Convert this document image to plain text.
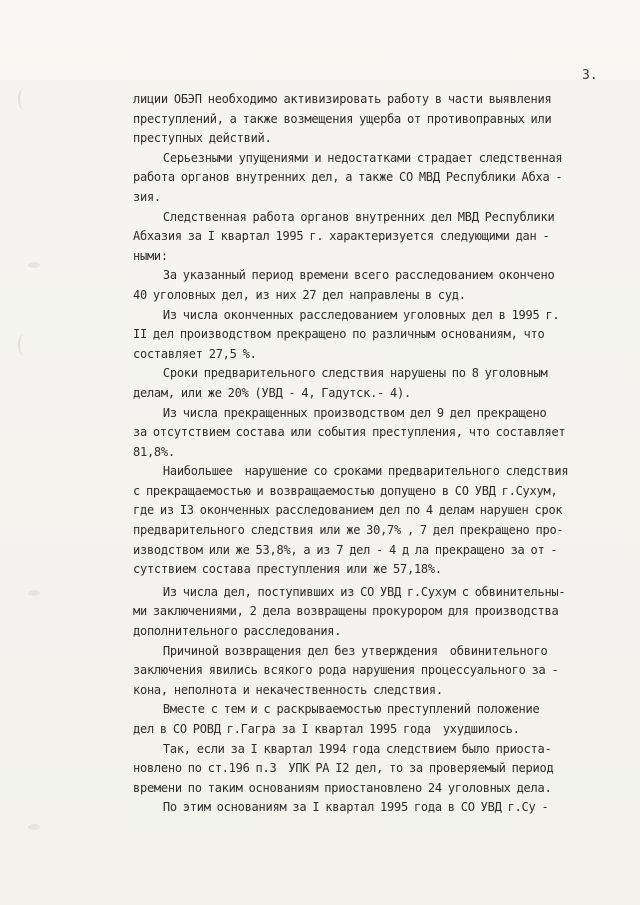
3.
лиции ОБЭП необходимо активизировать работу в части выявления
преступлений, а также возмещения ущерба от противоправных или
преступных действий.
Серьезными упущениями и недостатками страдает следственная
работа органов внутренних дел, а также СО МВД Республики Абха -
зия.
Следственная работа органов внутренних дел МВД Республики
Абхазия за I квартал 1995 г. характеризуется следующими дан -
ными:
За указанный период времени всего расследованием окончено
40 уголовных дел, из них 27 дел направлены в суд.
Из числа оконченных расследованием уголовных дел в 1995 г.
II дел производством прекращено по различным основаниям, что
составляет 27,5 %.
Сроки предварительного следствия нарушены по 8 уголовным
делам, или же 20% (УВД - 4, Гадутск.- 4).
Из числа прекращенных производством дел 9 дел прекращено
за отсутствием состава или события преступления, что составляет
81,8%.
Наибольшее  нарушение со сроками предварительного следствия
с прекращаемостью и возвращаемостью допущено в СО УВД г.Сухум,
где из I3 оконченных расследованием дел по 4 делам нарушен срок
предварительного следствия или же 30,7% , 7 дел прекращено про-
изводством или же 53,8%, а из 7 дел - 4 д ла прекращено за от -
сутствием состава преступления или же 57,18%.
Из числа дел, поступивших из СО УВД г.Сухум с обвинительны-
ми заключениями, 2 дела возвращены прокурором для производства
дополнительного расследования.
Причиной возвращения дел без утверждения  обвинительного
заключения явились всякого рода нарушения процессуального за -
кона, неполнота и некачественность следствия.
Вместе с тем и с раскрываемостью преступлений положение
дел в СО РОВД г.Гагра за I квартал 1995 года  ухудшилось.
Так, если за I квартал 1994 года следствием было приоста-
новлено по ст.196 п.3  УПК РА I2 дел, то за проверяемый период
времени по таким основаниям приостановлено 24 уголовных дела.
По этим основаниям за I квартал 1995 года в СО УВД г.Су -
